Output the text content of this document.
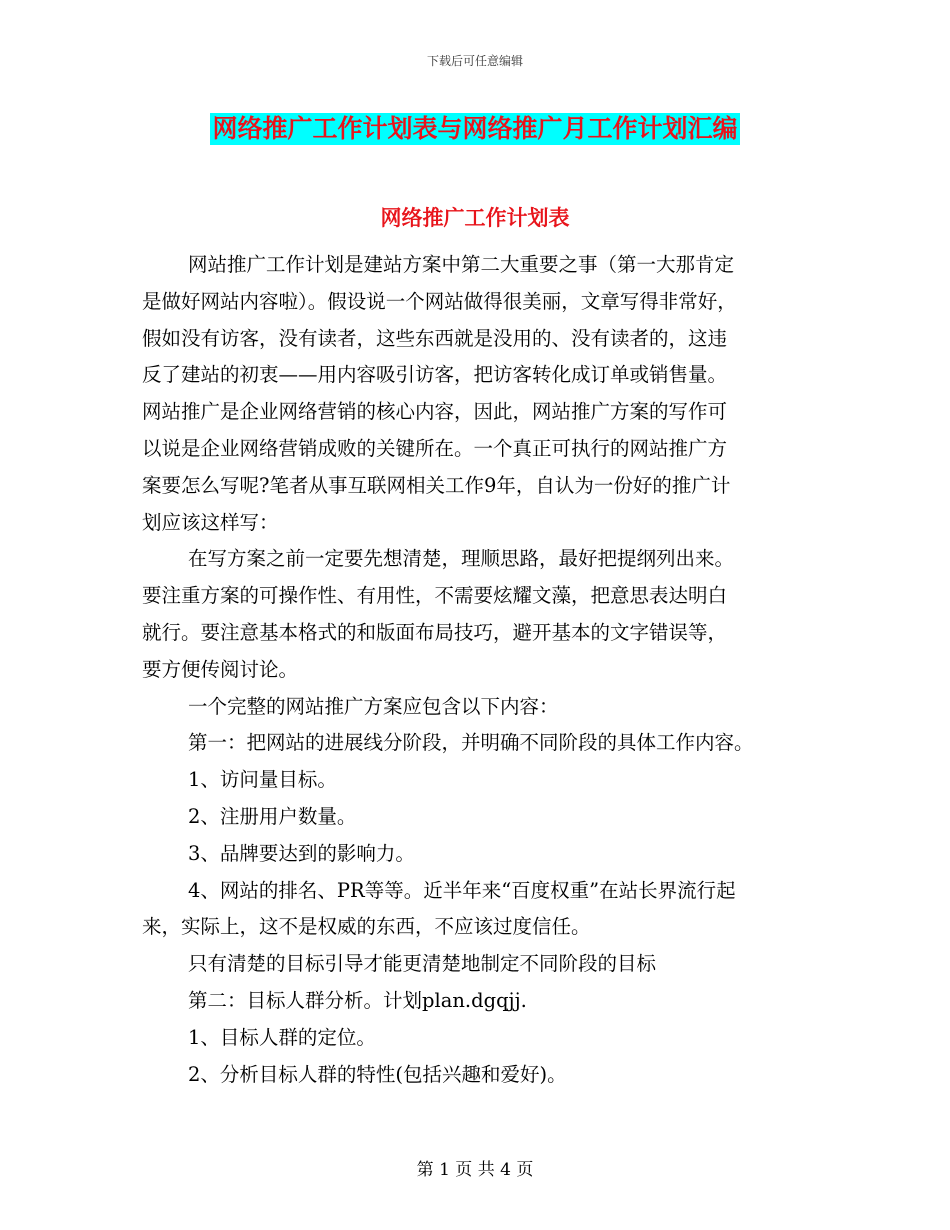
下载后可任意编辑
网络推广工作计划表与网络推广月工作计划汇编
网络推广工作计划表
网站推广工作计划是建站方案中第二大重要之事（第一大那肯定
是做好网站内容啦）。假设说一个网站做得很美丽，文章写得非常好，
假如没有访客，没有读者，这些东西就是没用的、没有读者的，这违
反了建站的初衷——用内容吸引访客，把访客转化成订单或销售量。
网站推广是企业网络营销的核心内容，因此，网站推广方案的写作可
以说是企业网络营销成败的关键所在。一个真正可执行的网站推广方
案要怎么写呢?笔者从事互联网相关工作9年，自认为一份好的推广计
划应该这样写：
在写方案之前一定要先想清楚，理顺思路，最好把提纲列出来。
要注重方案的可操作性、有用性，不需要炫耀文藻，把意思表达明白
就行。要注意基本格式的和版面布局技巧，避开基本的文字错误等，
要方便传阅讨论。
一个完整的网站推广方案应包含以下内容：
第一：把网站的进展线分阶段，并明确不同阶段的具体工作内容。
1、访问量目标。
2、注册用户数量。
3、品牌要达到的影响力。
4、网站的排名、PR等等。近半年来“百度权重”在站长界流行起
来，实际上，这不是权威的东西，不应该过度信任。
只有清楚的目标引导才能更清楚地制定不同阶段的目标
第二：目标人群分析。计划plan.dgqjj.
1、目标人群的定位。
2、分析目标人群的特性(包括兴趣和爱好)。
第 1 页 共 4 页
